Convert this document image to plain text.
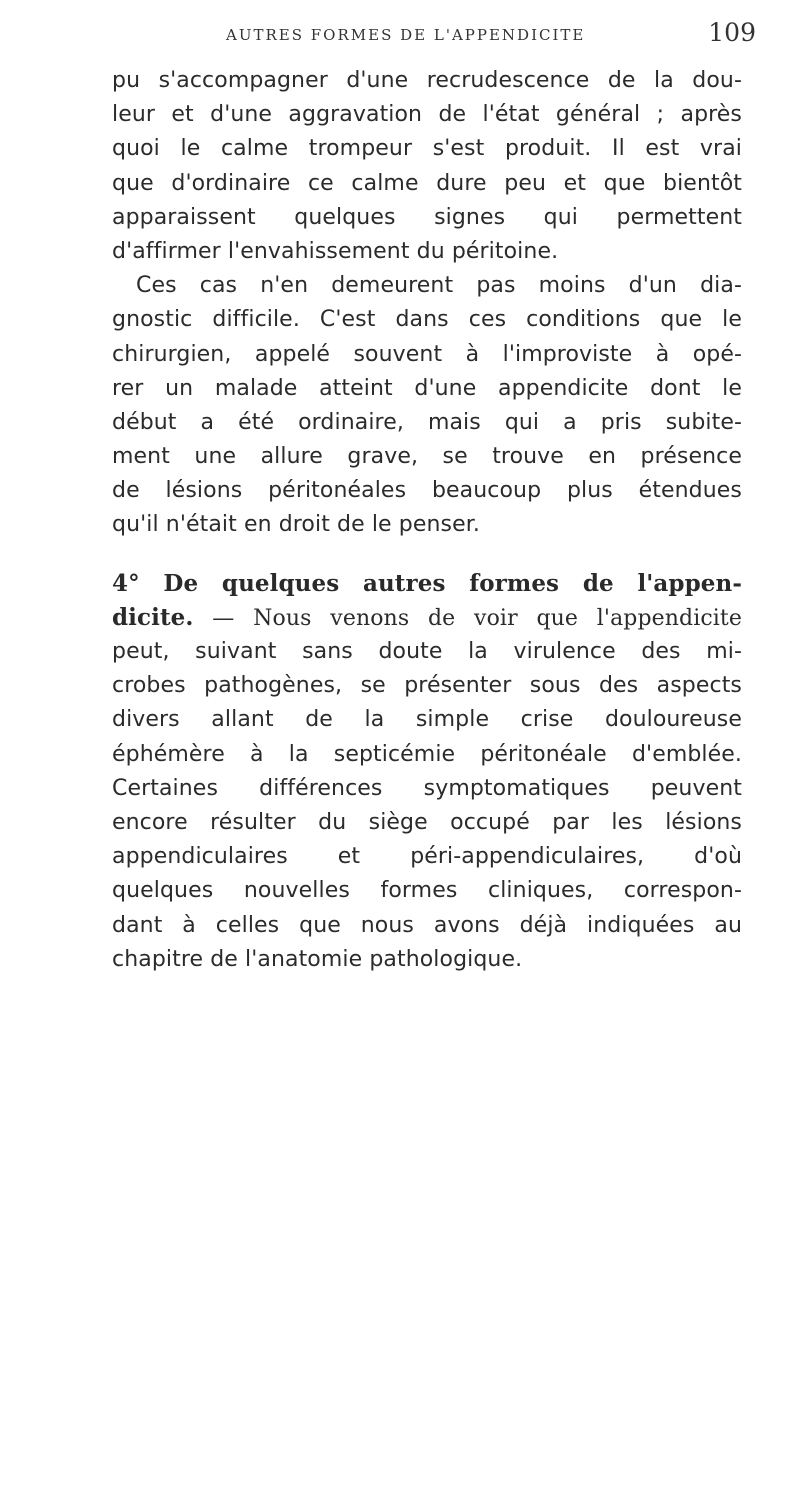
AUTRES FORMES DE L'APPENDICITE	109
pu s'accompagner d'une recrudescence de la dou-
leur et d'une aggravation de l'état général ; après
quoi le calme trompeur s'est produit. Il est vrai
que d'ordinaire ce calme dure peu et que bientôt
apparaissent quelques signes qui permettent
d'affirmer l'envahissement du péritoine.
Ces cas n'en demeurent pas moins d'un dia-
gnostic difficile. C'est dans ces conditions que le
chirurgien, appelé souvent à l'improviste à opé-
rer un malade atteint d'une appendicite dont le
début a été ordinaire, mais qui a pris subite-
ment une allure grave, se trouve en présence
de lésions péritonéales beaucoup plus étendues
qu'il n'était en droit de le penser.
4° De quelques autres formes de l'appen-
dicite. — Nous venons de voir que l'appendicite
peut, suivant sans doute la virulence des mi-
crobes pathogènes, se présenter sous des aspects
divers allant de la simple crise douloureuse
éphémère à la septicémie péritonéale d'emblée.
Certaines différences symptomatiques peuvent
encore résulter du siège occupé par les lésions
appendiculaires et péri-appendiculaires, d'où
quelques nouvelles formes cliniques, correspon-
dant à celles que nous avons déjà indiquées au
chapitre de l'anatomie pathologique.
